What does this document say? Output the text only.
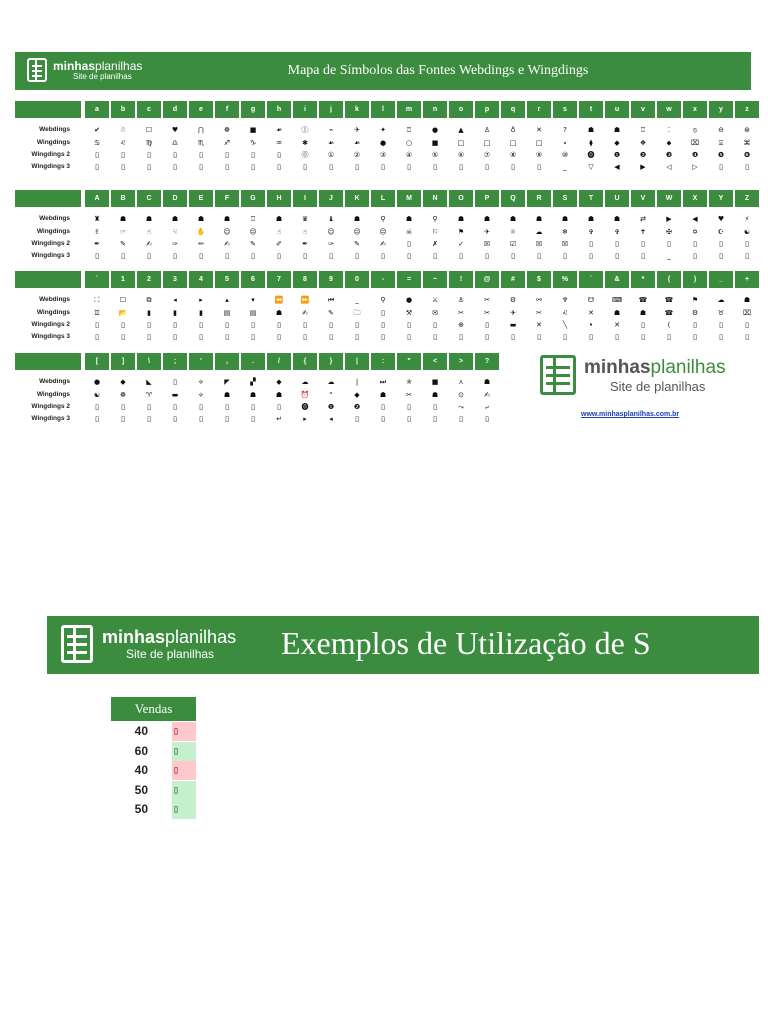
minhasplanilhas
Site de planilhas	Mapa de Símbolos das Fontes Webdings e Wingdings
a	b	c	d	e	f	g	h	i	j	k	l	m	n	o	p	q	r	s	t	u	v	w	x	y	z
Webdings	✔	☃	☐	♥	⋂	☸	■	☙	Ⓘ	⌁	✈	✦	⍞	●	▲	♙	♁	✕	?	☗	☗	♖	⁚	⦸	⊖	⊛
Wingdings	♋	♌	♍	♎	♏	♐	♑	♒	✱	☙	☙	●	○	■	□	□	□	□	⬩	⧫	◆	❖	⬥	⌧	⍓	⌘
Wingdings 2	▯	▯	▯	▯	▯	▯	▯	▯	⓪	①	②	③	④	⑤	⑥	⑦	⑧	⑨	⑩	⓿	❶	❷	❸	❹	❺	❻
Wingdings 3	▯	▯	▯	▯	▯	▯	▯	▯	▯	▯	▯	▯	▯	▯	▯	▯	▯	▯	_	▽	◀	▶	◁	▷	▯	▯
A	B	C	D	E	F	G	H	I	J	K	L	M	N	O	P	Q	R	S	T	U	V	W	X	Y	Z
Webdings	♜	☗	☗	☗	☗	☗	♖	☗	♛	♝	☗	⚲	☗	⚲	☗	☗	☗	☗	☗	☗	☗	⇄	▶	◀	♥	⚡
Wingdings	✌	☞	☝	☟	✋	☺	☹	☝	☝	☺	☹	☹	☠	⚐	⚑	✈	☼	☁	❄	✞	✞	✝	✠	✡	☪	☯
Wingdings 2	✒	✎	✍	✑	✏	✍	✎	✐	✒	✑	✎	✍	▯	✗	✓	☒	☑	☒	☒	▯	▯	▯	▯	▯	▯	▯
Wingdings 3	▯	▯	▯	▯	▯	▯	▯	▯	▯	▯	▯	▯	▯	▯	▯	▯	▯	▯	▯	▯	▯	▯	_	▯	▯	▯
`	1	2	3	4	5	6	7	8	9	0	-	=	~	!	@	#	$	%	¨	&	*	(	)	_	+
Webdings	⛶	☐	⧉	◂	▸	▴	▾	⏪	⏩	⏮	_	⚲	●	⚔	⚓	✂	⚙	⚯	♆	☋	⌨	☎	☎	⚑	☁	☗
Wingdings	♊	📂	▮	▮	▮	▤	▤	☗	✍	✎	🗀	▯	⚒	✉	✂	✂	✈	✂	♌	✕	☗	☗	☎	⚙	♉	⌧
Wingdings 2	▯	▯	▯	▯	▯	▯	▯	▯	▯	▯	▯	▯	▯	▯	⊕	▯	▬	✕	╲	•	✕	▯	(	▯	▯	▯
Wingdings 3	▯	▯	▯	▯	▯	▯	▯	▯	▯	▯	▯	▯	▯	▯	▯	▯	▯	▯	▯	▯	▯	▯	▯	▯	▯	▯
[	]	\	;	'	,	.	/	{	}	|	:	"	<	>	?
Webdings	●	◆	◣	▯	⟡	◤	▞	◆	☁	☁	|	⏭	✯	■	⋏	☗
Wingdings	☯	☸	♈	▬	⟡	☗	☗	☗	⏰	“	◆	☗	✂	☗	⊙	✍
Wingdings 2	▯	▯	▯	▯	▯	▯	▯	▯	⓿	❶	❷	▯	▯	▯	⤳	⤶
Wingdings 3	▯	▯	▯	▯	▯	▯	▯	↵	▸	◂	▯	▯	▯	▯	▯	▯
minhasplanilhas
Site de planilhas
www.minhasplanilhas.com.br
minhasplanilhas
Site de planilhas	Exemplos de Utilização de S
Vendas
40	▯
60	▯
40	▯
50	▯
50	▯
